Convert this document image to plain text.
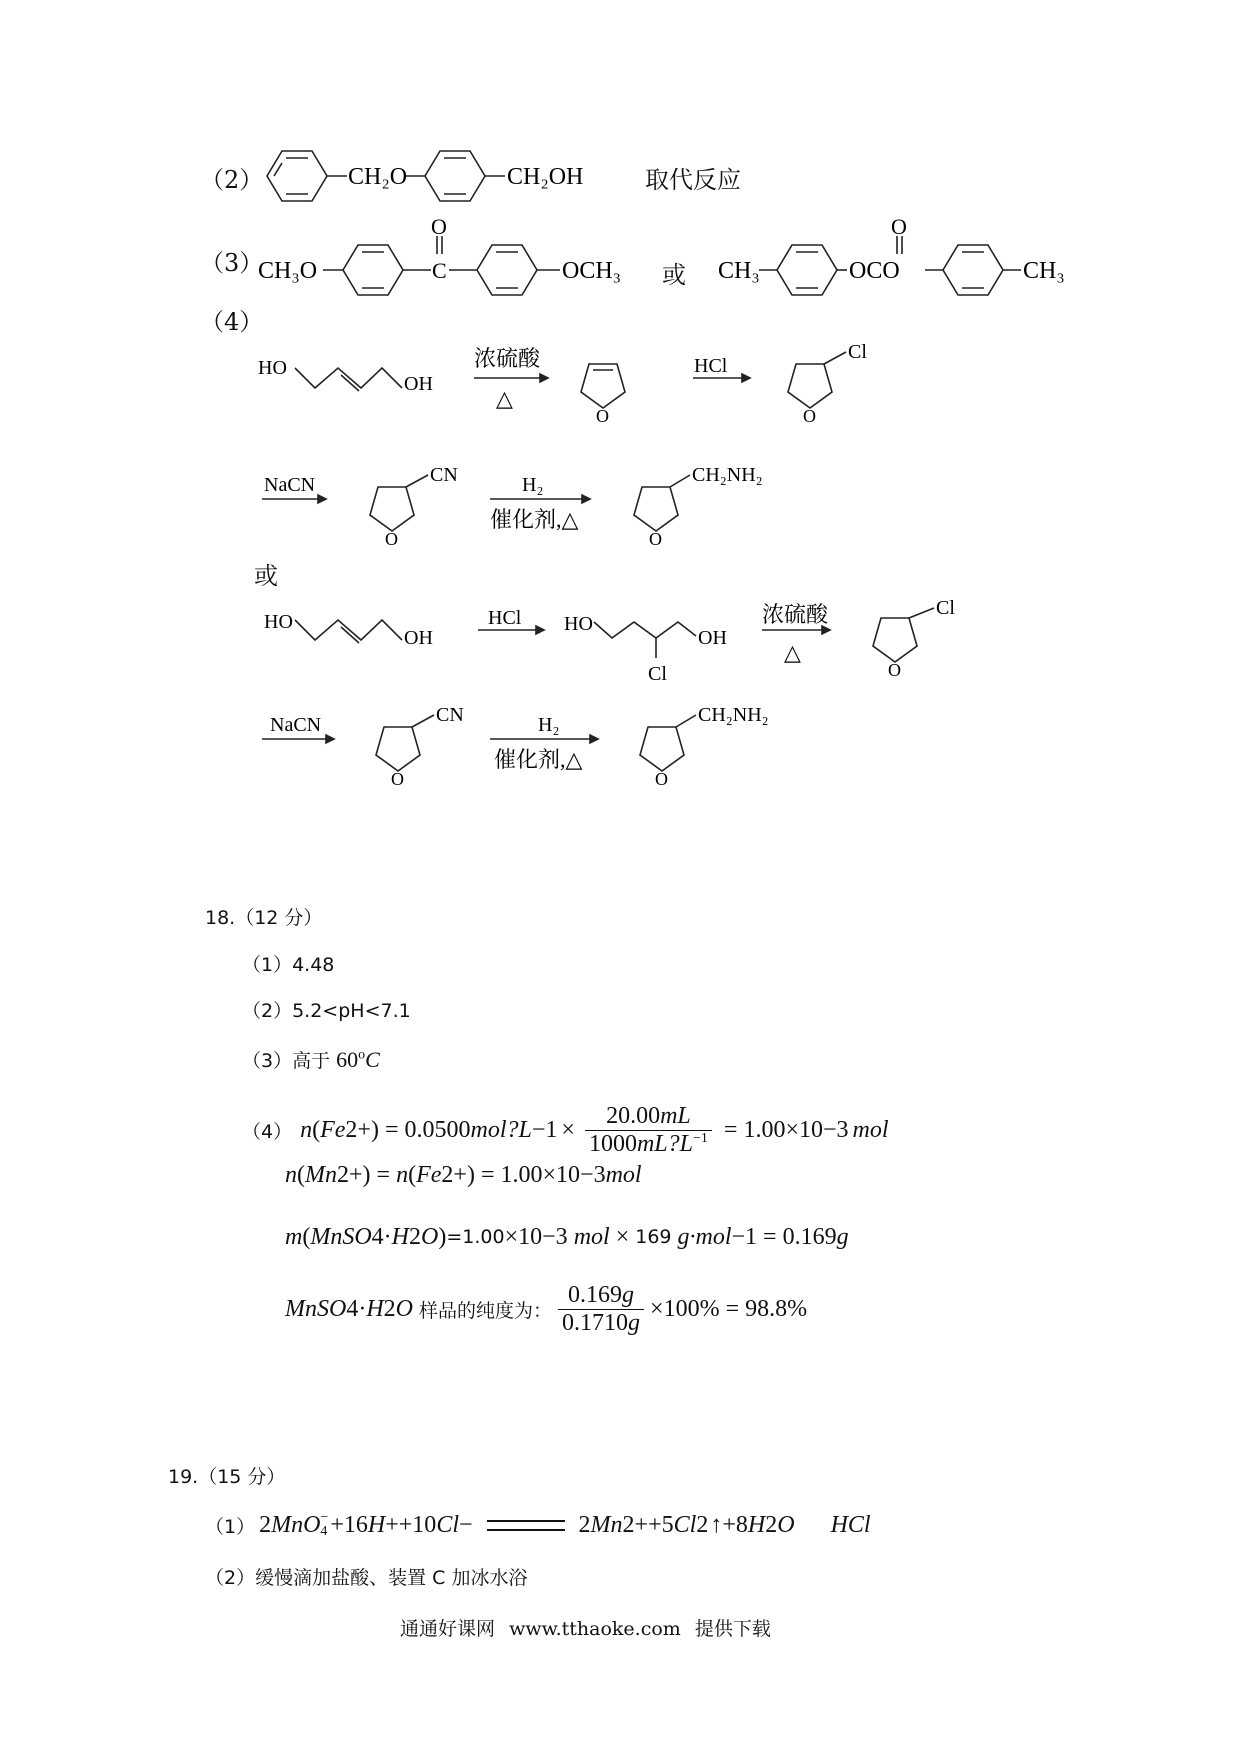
（2）	CH₂O	CH₂OH	取代反应
（3）
CH₃O	C
O
OCH₃ 或 CH₃	OCO
O
CH₃
（4）
HO
OH
浓硫酸
△
O
HCl
O
Cl
NaCN
O
CN	H₂
催化剂,△
O
CH₂NH₂
或
HO
OH
HCl HO
OH
Cl
浓硫酸
△
O
Cl
NaCN
O
CN	H₂
催化剂,△
O
CH₂NH₂
18.（12 分）
（1）4.48
（2）5.2<pH<7.1
（3）高于 60$^o$C
（4） n ( Fe 2+ ) = 0.0500 mol?L $-1 \times \frac{20.00mL}{1000mL?L^{-1}} = 1.00 \times 10 -3$ mol
n ( Mn 2+ ) = n ( Fe 2+ ) = 1.00 ×10 −3 mol
m ( MnSO 4 · H 2 O ) =1.00 ×10 −3 mol × 169 g·mol −1 = 0.169 g
MnSO 4 · H 2 O 样品的纯度为： $\frac{0.169g}{0.1710g} \times 100\% = 98.8\%$
19.（15 分）
（1） 2 MnO −
4 +16 H + +10 Cl −	2 Mn 2+ +5 Cl 2 ↑ +8 H 2 O HCl
（2）缓慢滴加盐酸、装置 C 加冰水浴
通通好课网 www.tthaoke.com 提供下载
